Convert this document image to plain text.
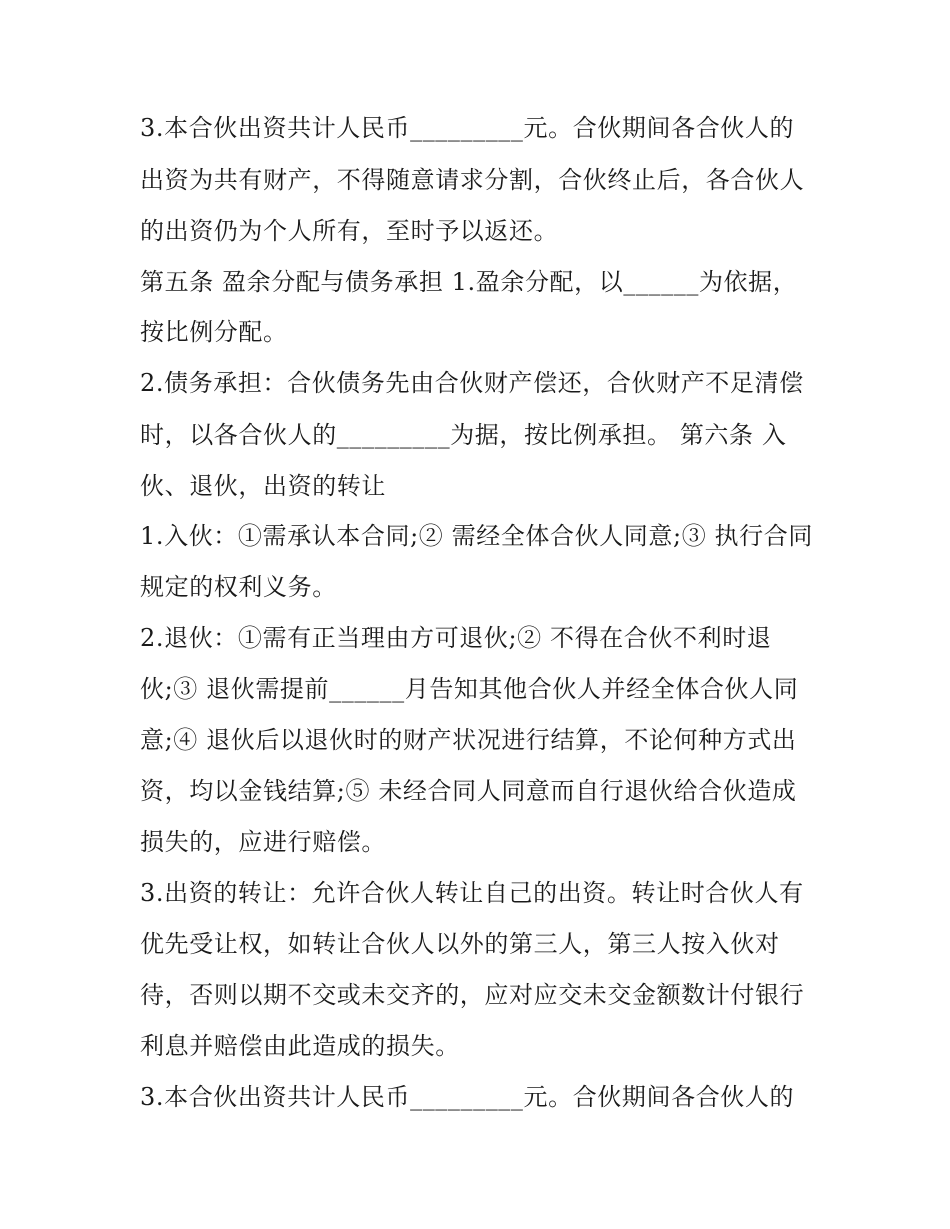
3.本合伙出资共计人民币_________元。合伙期间各合伙人的

出资为共有财产，不得随意请求分割，合伙终止后，各合伙人

的出资仍为个人所有，至时予以返还。

第五条 盈余分配与债务承担 1.盈余分配，以______为依据，

按比例分配。

2.债务承担：合伙债务先由合伙财产偿还，合伙财产不足清偿

时，以各合伙人的_________为据，按比例承担。 第六条 入

伙、退伙，出资的转让

1.入伙：①需承认本合同;② 需经全体合伙人同意;③ 执行合同

规定的权利义务。

2.退伙：①需有正当理由方可退伙;② 不得在合伙不利时退

伙;③ 退伙需提前______月告知其他合伙人并经全体合伙人同

意;④ 退伙后以退伙时的财产状况进行结算，不论何种方式出

资，均以金钱结算;⑤ 未经合同人同意而自行退伙给合伙造成

损失的，应进行赔偿。

3.出资的转让：允许合伙人转让自己的出资。转让时合伙人有

优先受让权，如转让合伙人以外的第三人，第三人按入伙对

待，否则以期不交或未交齐的，应对应交未交金额数计付银行

利息并赔偿由此造成的损失。

3.本合伙出资共计人民币_________元。合伙期间各合伙人的
